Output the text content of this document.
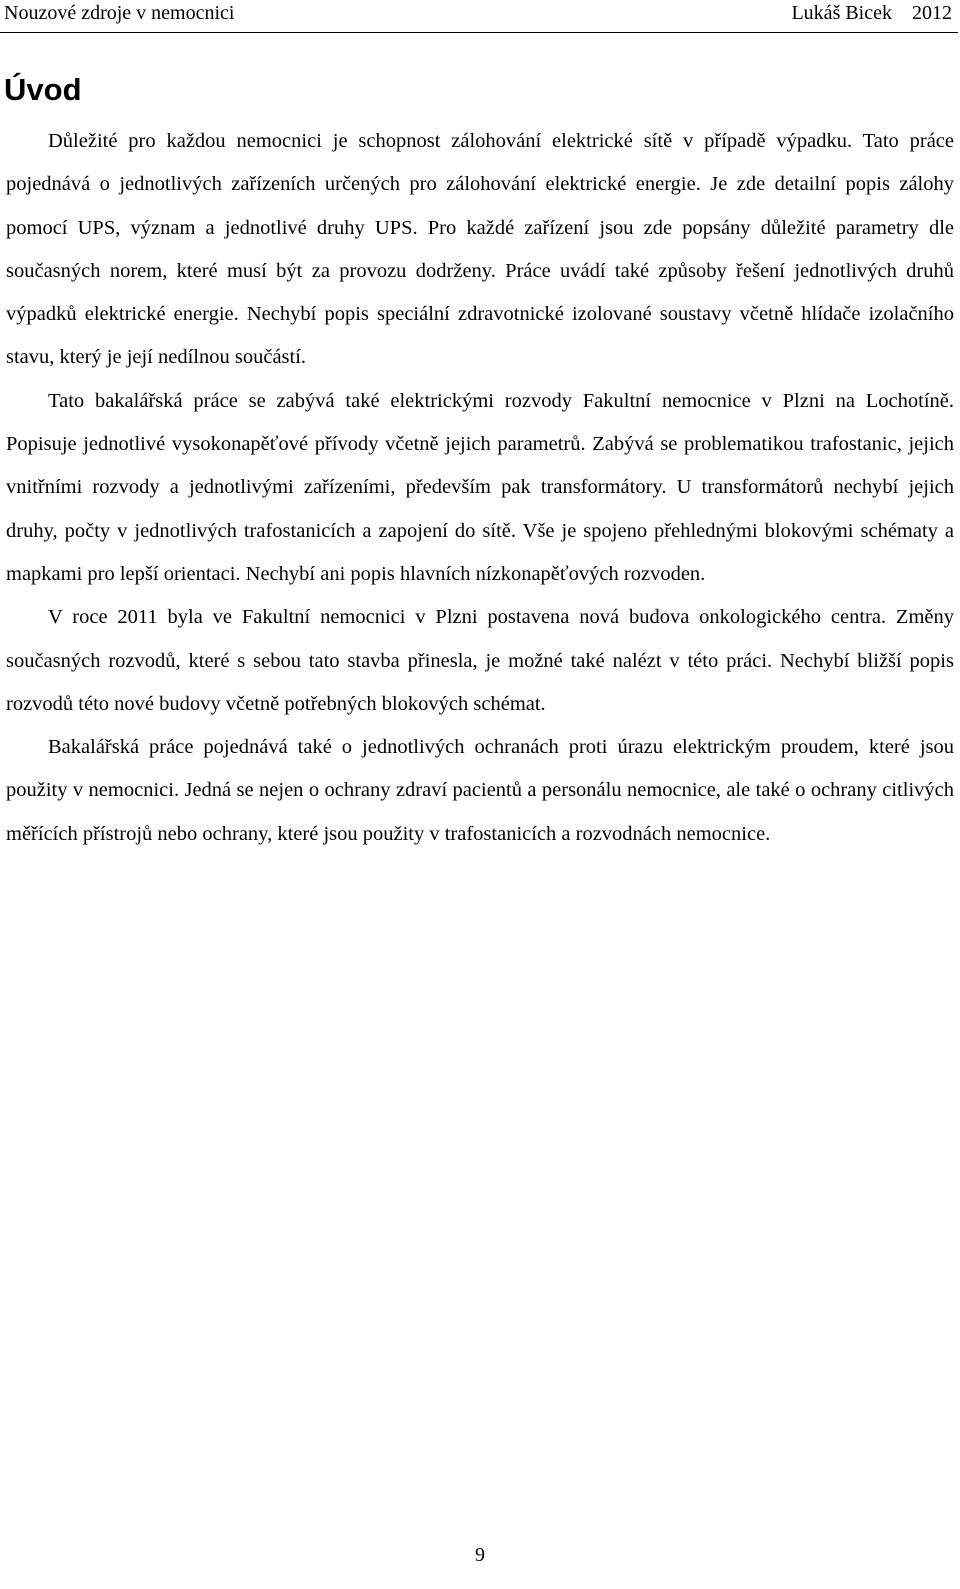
Nouzové zdroje v nemocnici	Lukáš Bicek 2012
Úvod

Důležité pro každou nemocnici je schopnost zálohování elektrické sítě v případě výpadku. Tato práce pojednává o jednotlivých zařízeních určených pro zálohování elektrické energie. Je zde detailní popis zálohy pomocí UPS, význam a jednotlivé druhy UPS. Pro každé zařízení jsou zde popsány důležité parametry dle současných norem, které musí být za provozu dodrženy. Práce uvádí také způsoby řešení jednotlivých druhů výpadků elektrické energie. Nechybí popis speciální zdravotnické izolované soustavy včetně hlídače izolačního stavu, který je její nedílnou součástí.

Tato bakalářská práce se zabývá také elektrickými rozvody Fakultní nemocnice v Plzni na Lochotíně. Popisuje jednotlivé vysokonapěťové přívody včetně jejich parametrů. Zabývá se problematikou trafostanic, jejich vnitřními rozvody a jednotlivými zařízeními, především pak transformátory. U transformátorů nechybí jejich druhy, počty v jednotlivých trafostanicích a zapojení do sítě. Vše je spojeno přehlednými blokovými schématy a mapkami pro lepší orientaci. Nechybí ani popis hlavních nízkonapěťových rozvoden.

V roce 2011 byla ve Fakultní nemocnici v Plzni postavena nová budova onkologického centra. Změny současných rozvodů, které s sebou tato stavba přinesla, je možné také nalézt v této práci. Nechybí bližší popis rozvodů této nové budovy včetně potřebných blokových schémat.

Bakalářská práce pojednává také o jednotlivých ochranách proti úrazu elektrickým proudem, které jsou použity v nemocnici. Jedná se nejen o ochrany zdraví pacientů a personálu nemocnice, ale také o ochrany citlivých měřících přístrojů nebo ochrany, které jsou použity v trafostanicích a rozvodnách nemocnice.

9
